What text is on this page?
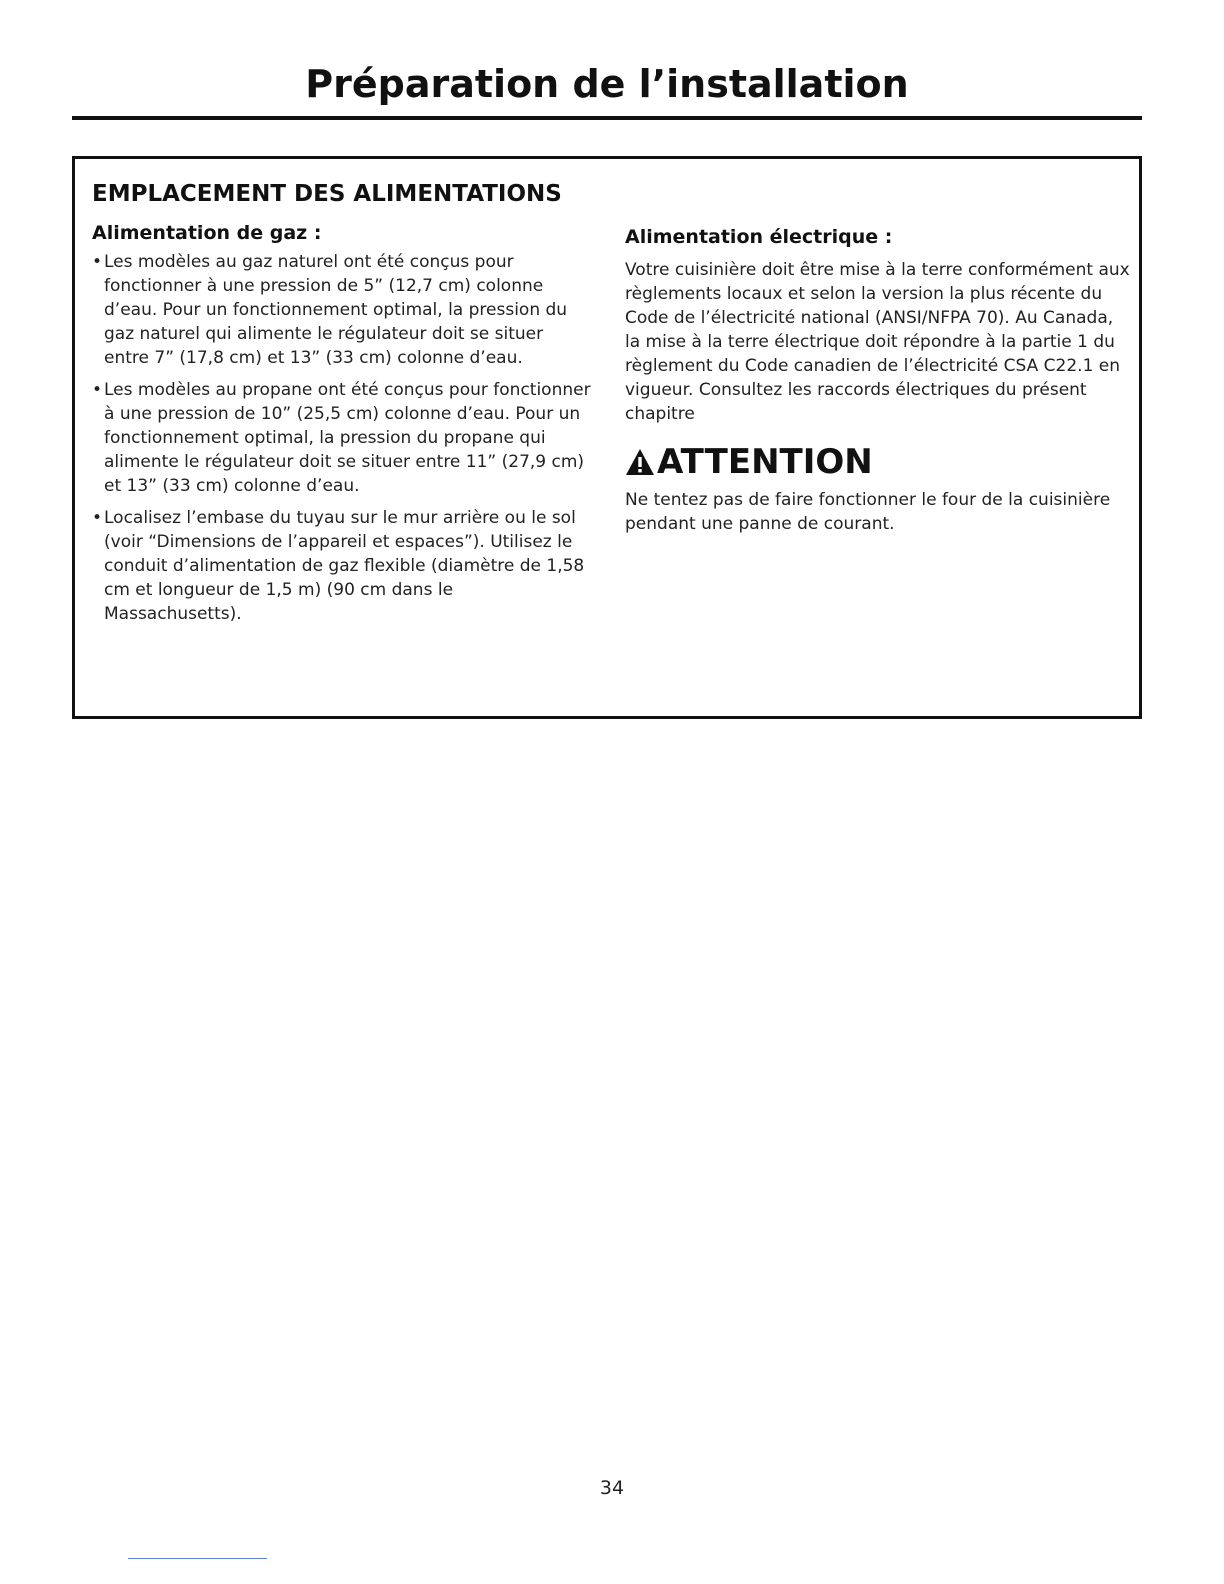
Préparation de l’installation
EMPLACEMENT DES ALIMENTATIONS
Alimentation de gaz :
• Les modèles au gaz naturel ont été conçus pour fonctionner à une pression de 5” (12,7 cm) colonne d’eau. Pour un fonctionnement optimal, la pression du gaz naturel qui alimente le régulateur doit se situer entre 7” (17,8 cm) et 13” (33 cm) colonne d’eau.
• Les modèles au propane ont été conçus pour fonctionner à une pression de 10” (25,5 cm) colonne d’eau. Pour un fonctionnement optimal, la pression du propane qui alimente le régulateur doit se situer entre 11” (27,9 cm) et 13” (33 cm) colonne d’eau.
• Localisez l’embase du tuyau sur le mur arrière ou le sol (voir “Dimensions de l’appareil et espaces”). Utilisez le conduit d’alimentation de gaz flexible (diamètre de 1,58 cm et longueur de 1,5 m) (90 cm dans le Massachusetts).
Alimentation électrique :

Votre cuisinière doit être mise à la terre conformément aux règlements locaux et selon la version la plus récente du Code de l’électricité national (ANSI/NFPA 70). Au Canada, la mise à la terre électrique doit répondre à la partie 1 du règlement du Code canadien de l’électricité CSA C22.1 en vigueur. Consultez les raccords électriques du présent chapitre

ATTENTION

Ne tentez pas de faire fonctionner le four de la cuisinière pendant une panne de courant.

34
